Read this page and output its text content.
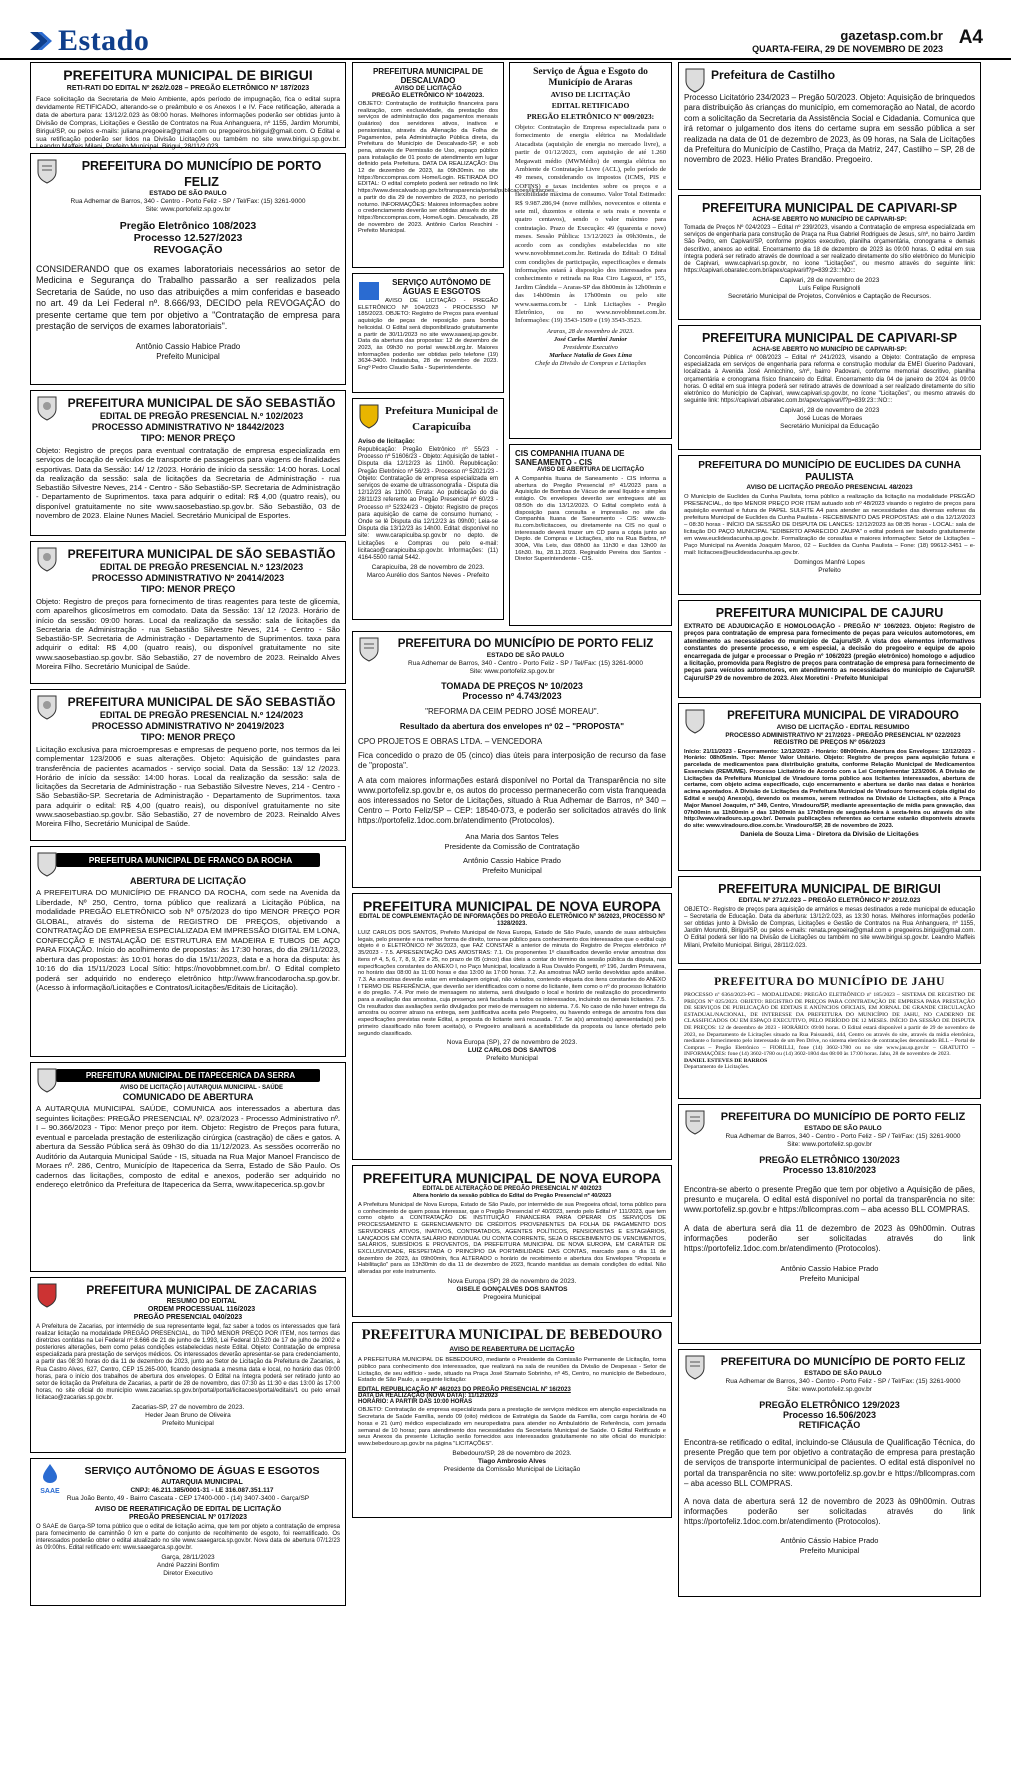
Estado	gazetasp.com.br
QUARTA-FEIRA, 29 DE NOVEMBRO DE 2023
A4
PREFEITURA MUNICIPAL DE BIRIGUI
RETI-RATI DO EDITAL Nº 262/2.028 – PREGÃO ELETRÔNICO Nº 187/2023

Face solicitação da Secretaria de Meio Ambiente, após período de impugnação, fica o edital supra devidamente RETIFICADO, alterando-se o preâmbulo e os Anexos I e IV. Face retificação, alterada a data de abertura para: 13/12/2.023 às 08:00 horas. Melhores informações poderão ser obtidas junto à Divisão de Compras, Licitações e Gestão de Contratos na Rua Anhanguera, nº 1155, Jardim Morumbi, Birigui/SP, ou pelos e-mails: juliana.pregoeira@gmail.com ou pregoeiros.birigui@gmail.com. O Edital e sua retificação poderão ser lidos na Divisão Licitações ou também no site www.birigui.sp.gov.br. Leandro Maffeis Milani, Prefeito Municipal. Birigui, 28/11/2.023.

PREFEITURA DO MUNICÍPIO DE PORTO FELIZ
ESTADO DE SÃO PAULO
Rua Adhemar de Barros, 340 - Centro - Porto Feliz - SP / Tel/Fax: (15) 3261-9000
Site: www.portofeliz.sp.gov.br
Pregão Eletrônico 108/2023
Processo 12.527/2023
REVOGAÇÃO

CONSIDERANDO que os exames laboratoriais necessários ao setor de Medicina e Segurança do Trabalho passarão a ser realizados pela Secretaria de Saúde, no uso das atribuições a mim conferidas e baseado no art. 49 da Lei Federal nº. 8.666/93, DECIDO pela REVOGAÇÃO do presente certame que tem por objetivo a "Contratação de empresa para prestação de serviços de exames laboratoriais".

Antônio Cassio Habice Prado
Prefeito Municipal
PREFEITURA MUNICIPAL DE SÃO SEBASTIÃO
EDITAL DE PREGÃO PRESENCIAL N.º 102/2023
PROCESSO ADMINISTRATIVO Nº 18442/2023
TIPO: MENOR PREÇO

Objeto: Registro de preços para eventual contratação de empresa especializada em serviços de locação de veículos de transporte de passageiros para viagens de finalidades esportivas. Data da Sessão: 14/ 12 /2023. Horário de início da sessão: 14:00 horas. Local da realização da sessão: sala de licitações da Secretaria de Administração - rua Sebastião Silvestre Neves, 214 - Centro - São Sebastião-SP. Secretaria de Administração - Departamento de Suprimentos. taxa para adquirir o edital: R$ 4,00 (quatro reais), ou disponível gratuitamente no site www.saosebastiao.sp.gov.br. São Sebastião, 03 de novembro de 2023. Elaine Nunes Maciel. Secretário Municipal de Esportes.

PREFEITURA MUNICIPAL DE SÃO SEBASTIÃO
EDITAL DE PREGÃO PRESENCIAL N.º 123/2023
PROCESSO ADMINISTRATIVO Nº 20414/2023
TIPO: MENOR PREÇO

Objeto: Registro de preços para fornecimento de tiras reagentes para teste de glicemia, com aparelhos glicosímetros em comodato. Data da Sessão: 13/ 12 /2023. Horário de início da sessão: 09:00 horas. Local da realização da sessão: sala de licitações da Secretaria de Administração - rua Sebastião Silvestre Neves, 214 - Centro - São Sebastião-SP. Secretaria de Administração - Departamento de Suprimentos. taxa para adquirir o edital: R$ 4,00 (quatro reais), ou disponível gratuitamente no site www.saosebastiao.sp.gov.br. São Sebastião, 27 de novembro de 2023. Reinaldo Alves Moreira Filho. Secretário Municipal de Saúde.

PREFEITURA MUNICIPAL DE SÃO SEBASTIÃO
EDITAL DE PREGÃO PRESENCIAL N.º 124/2023
PROCESSO ADMINISTRATIVO Nº 20419/2023
TIPO: MENOR PREÇO

Licitação exclusiva para microempresas e empresas de pequeno porte, nos termos da lei complementar 123/2006 e suas alterações. Objeto: Aquisição de guindastes para transferência de pacientes acamados - serviço social. Data da Sessão: 13/ 12 /2023. Horário de início da sessão: 14:00 horas. Local da realização da sessão: sala de licitações da Secretaria de Administração - rua Sebastião Silvestre Neves, 214 - Centro - São Sebastião-SP. Secretaria de Administração - Departamento de Suprimentos. taxa para adquirir o edital: R$ 4,00 (quatro reais), ou disponível gratuitamente no site www.saosebastiao.sp.gov.br. São Sebastião, 27 de novembro de 2023. Reinaldo Alves Moreira Filho, Secretário Municipal de Saúde.

PREFEITURA MUNICIPAL DE FRANCO DA ROCHA
ABERTURA DE LICITAÇÃO

A PREFEITURA DO MUNICÍPIO DE FRANCO DA ROCHA, com sede na Avenida da Liberdade, Nº 250, Centro, torna público que realizará a Licitação Pública, na modalidade PREGÃO ELETRÔNICO sob Nº 075/2023 do tipo MENOR PREÇO POR GLOBAL, através do sistema de REGISTRO DE PREÇOS, objetivando a CONTRATAÇÃO DE EMPRESA ESPECIALIZADA EM IMPRESSÃO DIGITAL EM LONA, CONFECÇÃO E INSTALAÇÃO DE ESTRUTURA EM MADEIRA E TUBOS DE AÇO PARA FIXAÇÃO. Início do acolhimento de propostas: às 17:30 horas, do dia 29/11/2023, abertura das propostas: às 10:01 horas do dia 15/11/2023, data e a hora da disputa: às 10:16 do dia 15/11/2023 Local Sítio: https://novobbmnet.com.br/. O Edital completo poderá ser adquirido no endereço eletrônico http://www.francodarocha.sp.gov.br. (Acesso à informação/Licitações e Contratos/Licitações/Editais de Licitação).

PREFEITURA MUNICIPAL DE ITAPECERICA DA SERRA
AVISO DE LICITAÇÃO | AUTARQUIA MUNICIPAL - SAÚDE
COMUNICADO DE ABERTURA

A AUTARQUIA MUNICIPAL SAÚDE, COMUNICA aos interessados a abertura das seguintes licitações: PREGÃO PRESENCIAL Nº. 023/2023 - Processo Administrativo nº. I – 90.366/2023 - Tipo: Menor preço por item. Objeto: Registro de Preços para futura, eventual e parcelada prestação de esterilização cirúrgica (castração) de cães e gatos. A abertura da Sessão Pública será às 09h30 do dia 11/12/2023. As sessões ocorrerão no Auditório da Autarquia Municipal Saúde - IS, situada na Rua Major Manoel Francisco de Moraes nº. 286, Centro, Município de Itapecerica da Serra, Estado de São Paulo. Os cadernos das licitações, composto de edital e anexos, poderão ser adquirido no endereço eletrônico da Prefeitura de Itapecerica da Serra, www.itapecerica.sp.gov.br

PREFEITURA MUNICIPAL DE ZACARIAS
RESUMO DO EDITAL
ORDEM PROCESSUAL 116/2023
PREGÃO PRESENCIAL 040/2023

A Prefeitura de Zacarias, por intermédio de sua representante legal, faz saber a todos os interessados que fará realizar licitação na modalidade PREGÃO PRESENCIAL, do TIPO MENOR PREÇO POR ITEM, nos termos das diretrizes contidas na Lei Federal nº 8.666 de 21 de junho de 1.993, Lei Federal 10.520 de 17 de julho de 2002 e posteriores alterações, bem como pelas condições estabelecidas neste Edital. Objeto: Contratação de empresa especializada para prestação de serviços médicos. Os interessados deverão apresentar-se para credenciamento, a partir das 08:30 horas do dia 11 de dezembro de 2023, junto ao Setor de Licitação da Prefeitura de Zacarias, à Rua Castro Alves, 627, Centro, CEP 15.265-000, ficando designada a mesma data e local, no horário das 09:00 horas, para o início dos trabalhos de abertura dos envelopes. O Edital na íntegra poderá ser retirado junto ao setor de licitação da Prefeitura de Zacarias, a partir de 28 de novembro, das 07:30 às 11:30 e das 13:00 às 17:00 horas, no site oficial do município www.zacarias.sp.gov.br/portal/portal/licitacoes/portal/editais/1 ou pelo email licitacao@zacarias.sp.gov.br.

Zacarias-SP, 27 de novembro de 2023.
Heder Jean Bruno de Oliveira
Prefeito Municipal
SAAE
SERVIÇO AUTÔNOMO DE ÁGUAS E ESGOTOS
AUTARQUIA MUNICIPAL
CNPJ: 46.211.385/0001-31 - I.E 316.087.351.117
Rua João Bento, 49 - Bairro Cascata - CEP 17400-000 - (14) 3407-3400 - Garça/SP
AVISO DE REERATIFICAÇÃO DE EDITAL DE LICITAÇÃO
PREGÃO PRESENCIAL Nº 017/2023

O SAAE de Garça-SP torna público que o edital de licitação acima, que tem por objeto a contratação de empresa para fornecimento de caminhão 0 km e parte do conjunto de recolhimento de esgoto, foi reerratificado. Os interessados poderão obter o edital atualizado no site www.saaegarca.sp.gov.br. Nova data de abertura 07/12/23 às 09:00hs. Edital retificado em: www.saaegarca.sp.gov.br.

Garça, 28/11/2023
André Pazzini Bonfim
Diretor Executivo
PREFEITURA MUNICIPAL DE DESCALVADO
AVISO DE LICITAÇÃO
PREGÃO ELETRÔNICO Nº 104/2023.

OBJETO: Contratação de instituição financeira para realização, com exclusividade, da prestação dos serviços de administração dos pagamentos mensais (salários) dos servidores ativos, inativos e pensionistas, através da Alienação da Folha de Pagamentos, pela Administração Pública direta, da Prefeitura do Município de Descalvado-SP, e sob pena, através de Permissão de Uso, espaço público para instalação de 01 posto de atendimento em lugar definido pela Prefeitura. DATA DA REALIZAÇÃO: Dia 12 de dezembro de 2023, às 09h30min. no site https://bnccompras.com Home/Login. RETIRADA DO EDITAL: O edital completo poderá ser retirado no link https://www.descalvado.sp.gov.br/transparencia/portal/publicacoes/licitacoes, a partir do dia 29 de novembro de 2023, no período noturno. INFORMAÇÕES: Maiores informações sobre o credenciamento deverão ser obtidas através do site https://bnccompras.com, Home/Login. Descalvado, 28 de novembro de 2023. Antônio Carlos Reschini - Prefeito Municipal.

SERVIÇO AUTÔNOMO DE ÁGUAS E ESGOTOS

AVISO DE LICITAÇÃO - PREGÃO ELETRÔNICO Nº 104/2023 - PROCESSO Nº 185/2023. OBJETO: Registro de Preços para eventual aquisição de peças de reposição para bomba helicoidal. O Edital será disponibilizado gratuitamente a partir de 30/11/2023 no site www.saaesj.sp.gov.br. Data da abertura das propostas: 12 de dezembro de 2023, às 09h30 no portal www.bll.org.br. Maiores informações poderão ser obtidas pelo telefone (19) 3634-3400. Indaiatuba, 28 de novembro de 2023. Engº Pedro Claudio Salla - Superintendente.

Prefeitura Municipal de Carapicuíba
Aviso de licitação:

Republicação: Pregão Eletrônico nº 55/23 - Processo nº 51606/23 - Objeto: Aquisição de tablet - Disputa dia 12/12/23 às 11h00. Republicação: Pregão Eletrônico nº 56/23 - Processo nº 52021/23 - Objeto: Contratação de empresa especializada em serviços de exame de ultrassonografia - Disputa dia 12/12/23 às 11h00. Errata: Ao publicação do dia 28/11/23 referente ao Pregão Presencial nº 60/23 - Processo nº 52324/23 - Objeto: Registro de preços para aquisição de carne de consumo humano; - Onde se lê Disputa dia 12/12/23 às 09h00; Leia-se Disputa dia 13/12/23 às 14h00. Edital: disponível no site: www.carapicuiba.sp.gov.br no depto. de Licitações e Compras ou pelo e-mail: licitacao@carapicuiba.sp.gov.br. Informações: (11) 4164-5500 ramal 5442.

Carapicuíba, 28 de novembro de 2023.
Marco Aurélio dos Santos Neves - Prefeito
Serviço de Água e Esgoto do Município de Araras
AVISO DE LICITAÇÃO
EDITAL RETIFICADO
PREGÃO ELETRÔNICO Nº 009/2023:

Objeto: Contratação de Empresa especializada para o fornecimento de energia elétrica na Modalidade Atacadista (aquisição de energia no mercado livre), a partir de 01/12/2023, com aquisição de até 1.260 Megawatt médio (MWMédio) de energia elétrica no Ambiente de Contratação Livre (ACL), pelo período de 49 meses, considerando os impostos (ICMS, PIS e COFINS) e taxas incidentes sobre os preços e a flexibilidade máxima de consumo. Valor Total Estimado: R$ 9.987.286,94 (nove milhões, novecentos e oitenta e sete mil, duzentos e oitenta e seis reais e noventa e quatro centavos), sendo o valor máximo para contratação. Prazo de Execução: 49 (quarenta e nove) meses. Sessão Pública: 13/12/2023 às 09h30min., de acordo com as condições estabelecidas no site www.novobbmnet.com.br. Retirada do Edital: O Edital com condições de participação, especificações e demais informações estará à disposição dos interessados para conhecimento e retirada na Rua Ciro Lagazzi, nº 155, Jardim Cândida – Araras-SP das 8h00min às 12h00min e das 14h00min às 17h00min ou pelo site www.saema.com.br - Link Licitações - Pregão Eletrônico, ou no www.novobbmnet.com.br. Informações: (19) 3543-1509 e (19) 3543-3523.

Araras, 28 de novembro de 2023.
José Carlos Martini Junior
Presidente Executivo
Marluce Natalia de Goes Lima
Chefe da Divisão de Compras e Licitações
CIS COMPANHIA ITUANA DE SANEAMENTO - CIS
AVISO DE ABERTURA DE LICITAÇÃO

A Companhia Ituana de Saneamento - CIS informa a abertura do Pregão Presencial nº 41/2023 para a Aquisição de Bombas de Vácuo de areal líquido e simples estágio. Os envelopes deverão ser entregues até as 08:50h do dia 13/12/2023. O Edital completo está à disposição para consulta e impressão no site da Companhia Ituana de Saneamento - CIS: www.cis-itu.com.br/licitacoes, ou diretamente na CIS no qual o interessado deverá trazer um CD para a cópia junto ao Depto. de Compras e Licitações, sito na Rua Barbra, nº 300A, Vila Leis, das 08h00 às 11h30 e das 13h00 às 16h30. Itu, 28.11.2023. Reginaldo Pereira dos Santos - Diretor Superintendente - CIS.

PREFEITURA DO MUNICÍPIO DE PORTO FELIZ
ESTADO DE SÃO PAULO
Rua Adhemar de Barros, 340 - Centro - Porto Feliz - SP / Tel/Fax: (15) 3261-9000
Site: www.portofeliz.sp.gov.br
TOMADA DE PREÇOS Nº 10/2023
Processo nº 4.743/2023
"REFORMA DA CEIM PEDRO JOSÉ MOREAU".
Resultado da abertura dos envelopes nº 02 – "PROPOSTA"
CPO PROJETOS E OBRAS LTDA. – VENCEDORA

Fica concedido o prazo de 05 (cinco) dias úteis para interposição de recurso da fase de "proposta".

A ata com maiores informações estará disponível no Portal da Transparência no site www.portofeliz.sp.gov.br e, os autos do processo permanecerão com vista franqueada aos interessados no Setor de Licitações, situado à Rua Adhemar de Barros, nº 340 – Centro – Porto Feliz/SP – CEP: 18540-073, e poderão ser solicitados através do link https://portofeliz.1doc.com.br/atendimento (Protocolos).

Ana Maria dos Santos Teles
Presidente da Comissão de Contratação
Antônio Cassio Habice Prado
Prefeito Municipal
PREFEITURA MUNICIPAL DE NOVA EUROPA
EDITAL DE COMPLEMENTAÇÃO DE INFORMAÇÕES DO PREGÃO ELETRÔNICO Nº 36/2023, PROCESSO Nº 1328/2023.

LUIZ CARLOS DOS SANTOS, Prefeito Municipal de Nova Europa, Estado de São Paulo, usando de suas atribuições legais, pelo presente e na melhor forma de direito, torna-se público para conhecimento dos interessados que o edital cujo objeto é o ELETRÔNICO Nº 36/2023, que FAZ CONSTAR a anterior de minuta do Registro de Preços eletrônico nº 35/2023 - 7.5. APRESENTAÇÃO DAS AMOSTRAS: 7.1. Os proponentes 1º classificados deverão enviar amostras dos itens nº 4, 5, 6, 7, 8, 9, 22 e 25, no prazo de 05 (cinco) dias úteis a contar do término da sessão pública da disputa, nas especificações constantes do ANEXO I, no Paço Municipal, localizado à Rua Osvaldo Pongetti, nº 196, Jardim Primavera, no horário das 08:00 às 11:00 horas e das 13:00 às 17:00 horas. 7.2. As amostras NÃO serão devolvidas após análise. 7.3. As amostras deverão estar em embalagem original, não violados, contendo etiqueta dos itens constantes do ANEXO I TERMO DE REFERÊNCIA, que deverão ser identificados com o nome do licitante, item como o nº do processo licitatório e do pregão. 7.4. Por meio de mensagem no sistema, será divulgado o local e horário de realização do procedimento para a avaliação das amostras, cuja presença será facultada a todos os interessados, incluindo os demais licitantes. 7.5. Os resultados das avaliações serão divulgados por meio de mensagem no sistema. 7.6. No caso de não haver entrega da amostra ou ocorrer atraso na entrega, sem justificativa aceita pelo Pregoeiro, ou havendo entrega de amostra fora das especificações previstas neste Edital, a proposta do licitante será recusada. 7.7. Se a(s) amostra(s) apresentada(s) pelo primeiro classificado não forem aceita(s), o Pregoeiro analisará a aceitabilidade da proposta ou lance ofertado pelo segundo classificado.

Nova Europa (SP), 27 de novembro de 2023.
LUIZ CARLOS DOS SANTOS
Prefeito Municipal
PREFEITURA MUNICIPAL DE NOVA EUROPA
EDITAL DE ALTERAÇÃO DE PREGÃO PRESENCIAL Nº 40/2023
Altera horário da sessão pública do Edital do Pregão Presencial nº 40/2023

A Prefeitura Municipal de Nova Europa, Estado de São Paulo, por intermédio de sua Pregoeira oficial, torna público para o conhecimento de quem possa interessar, que o Pregão Presencial nº 40/2023, sendo pelo Edital nº 111/2023, que tem como objeto a CONTRATAÇÃO DE INSTITUIÇÃO FINANCEIRA PARA OPERAR OS SERVIÇOS DE PROCESSAMENTO E GERENCIAMENTO DE CRÉDITOS PROVENIENTES DA FOLHA DE PAGAMENTO DOS SERVIDORES ATIVOS, INATIVOS, CONTRATADOS, AGENTES POLÍTICOS, PENSIONISTAS E ESTAGIÁRIOS, LANÇADOS EM CONTA SALÁRIO INDIVIDUAL OU CONTA CORRENTE, SEJA O RECEBIMENTO DE VENCIMENTOS, SALÁRIOS, SUBSÍDIOS E PROVENTOS, DA PREFEITURA MUNICIPAL DE NOVA EUROPA, EM CARÁTER DE EXCLUSIVIDADE, RESPEITADA O PRINCÍPIO DA PORTABILIDADE DAS CONTAS, marcado para o dia 11 de dezembro de 2023, às 09h00min, fica ALTERADO o horário de recebimento e abertura dos Envelopes "Proposta e Habilitação" para as 13h30min do dia 11 de dezembro de 2023, ficando mantidas as demais condições do edital. Não alteradas por este instrumento.

Nova Europa (SP) 28 de novembro de 2023.
GISELE GONÇALVES DOS SANTOS
Pregoeira Municipal
PREFEITURA MUNICIPAL DE BEBEDOURO
AVISO DE REABERTURA DE LICITAÇÃO

A PREFEITURA MUNICIPAL DE BEBEDOURO, mediante o Presidente da Comissão Permanente de Licitação, torna público para conhecimento dos interessados, que realizará na sala de reuniões da Divisão de Despesas - Setor de Licitação, de seu edifício - sede, situado na Praça José Stamato Sobrinho, nº 45, Centro, no município de Bebedouro, Estado de São Paulo, a seguinte licitação:

EDITAL REPUBLICAÇÃO Nº 46/2023 DO PREGÃO PRESENCIAL Nº 16/2023
DATA DA REALIZAÇÃO (NOVA DATA): 11/12/2023
HORÁRIO: A PARTIR DAS 10:00 HORAS

OBJETO: Contratação de empresa especializada para a prestação de serviços médicos em atenção especializada na Secretaria de Saúde Família, sendo 09 (oito) médicos de Estratégia da Saúde da Família, com carga horária de 40 horas e 21 (um) médico especializado em neuropediatra para atender no Ambulatório de Referência, com jornada semanal de 10 horas; para atendimento dos necessidades da Secretaria Municipal de Saúde. O Edital Retificado e seus Anexos da presente Licitação serão fornecidos aos interessados gratuitamente no site oficial do município: www.bebedouro.sp.gov.br na página "LICITAÇÕES".

Bebedouro/SP, 28 de novembro de 2023.
Tiago Ambrosio Alves
Presidente da Comissão Municipal de Licitação
Prefeitura de Castilho

Processo Licitatório 234/2023 – Pregão 50/2023. Objeto: Aquisição de brinquedos para distribuição às crianças do município, em comemoração ao Natal, de acordo com a solicitação da Secretaria da Assistência Social e Cidadania. Comunica que irá retomar o julgamento dos itens do certame supra em sessão pública a ser realizada na data de 01 de dezembro de 2023, às 09 horas, na Sala de Licitações da Prefeitura do Município de Castilho, Praça da Matriz, 247, Castilho – SP, 28 de novembro de 2023. Hélio Prates Brandão. Pregoeiro.

PREFEITURA MUNICIPAL DE CAPIVARI-SP
ACHA-SE ABERTO NO MUNICÍPIO DE CAPIVARI-SP:

Tomada de Preços Nº 024/2023 – Edital nº 239/2023, visando a Contratação de empresa especializada em serviços de engenharia para construção de Praça na Rua Gabriel Rodrigues de Jesus, s/nº, no bairro Jardim São Pedro, em Capivari/SP, conforme projetos executivo, planilha orçamentária, cronograma e demais descritivo, anexos ao edital. Encerramento dia 18 de dezembro de 2023 às 09:00 horas. O edital em sua íntegra poderá ser retirado através de download a ser realizado diretamente do sítio eletrônico do Município de Capivari, www.capivari.sp.gov.br, no ícone "Licitações", ou mesmo através do seguinte link: https://capivari.obaratec.com.br/apex/capivari/f?p=839:23:::NO:::

Capivari, 28 de novembro de 2023
Luís Felipe Rusignolli
Secretário Municipal de Projetos, Convênios e Captação de Recursos.
PREFEITURA MUNICIPAL DE CAPIVARI-SP
ACHA-SE ABERTO NO MUNICÍPIO DE CAPIVARI-SP:

Concorrência Pública nº 008/2023 – Edital nº 241/2023, visando a Objeto: Contratação de empresa especializada em serviços de engenharia para reforma e construção modular da EMEI Guerino Padovani, localizada à Avenida José Annicchino, s/nº, bairro Padovani, conforme memorial descritivo, planilha orçamentária e cronograma físico financeiro do Edital. Encerramento dia 04 de janeiro de 2024 às 09:00 horas. O edital em sua íntegra poderá ser retirado através de download a ser realizado diretamente do sítio eletrônico do Município de Capivari, www.capivari.sp.gov.br, no ícone "Licitações", ou mesmo através do seguinte link: https://capivari.obaratec.com.br/apex/capivari/f?p=839:23:::NO:::

Capivari, 28 de novembro de 2023
José Lucas de Moraes
Secretário Municipal da Educação
PREFEITURA DO MUNICÍPIO DE EUCLIDES DA CUNHA PAULISTA
AVISO DE LICITAÇÃO PREGÃO PRESENCIAL 48/2023

O Município de Euclides da Cunha Paulista, torna público a realização da licitação na modalidade PREGÃO PRESENCIAL, do tipo MENOR PREÇO POR ITEM autuado sob nº 48/2023 visando o registro de preços para aquisição eventual e futura de PAPEL SULFITE A4 para atender as necessidades das diversas esferas da prefeitura Municipal de Euclides da Cunha Paulista - RECEBIMENTO DAS PROPOSTAS: até o dia 12/12/2023 – 08:30 horas - INÍCIO DA SESSÃO DE DISPUTA DE LANCES: 12/12/2023 às 08:35 horas - LOCAL: sala de licitação DO PAÇO MUNICIPAL "EDIBERTO APARECIDO ZAUPA" o edital poderá ser baixado gratuitamente em www.euclidesdacunha.sp.gov.br. Formalização de consultas e maiores informações: Setor de Licitações – Paço Municipal na Avenida Joaquim Maroo, 02 – Euclides da Cunha Paulista – Fone: (18) 99612-3451 – e-mail: licitacoes@euclidesdacunha.sp.gov.br.

Domingos Manfré Lopes
Prefeito
PREFEITURA MUNICIPAL DE CAJURU

EXTRATO DE ADJUDICAÇÃO E HOMOLOGAÇÃO - PREGÃO Nº 106/2023. Objeto: Registro de preços para contratação de empresa para fornecimento de peças para veículos automotores, em atendimento as necessidades do município de Cajuru/SP. A vista dos elementos informativos constantes do presente processo, e em especial, a decisão do pregoeiro e equipe de apoio encarregada de julgar e processar o Pregão nº 106/2023 (pregão eletrônico) homologo e adjudico a licitação, promovida para Registro de preços para contratação de empresa para fornecimento de peças para veículos automotores, em atendimento as necessidades do município de Cajuru/SP. Cajuru/SP 29 de novembro de 2023. Alex Moretini - Prefeito Municipal

PREFEITURA MUNICIPAL DE VIRADOURO
AVISO DE LICITAÇÃO - EDITAL RESUMIDO
PROCESSO ADMINISTRATIVO Nº 217/2023 - PREGÃO PRESENCIAL Nº 022/2023
REGISTRO DE PREÇOS Nº 056/2023

Início: 21/11/2023 - Encerramento: 12/12/2023 - Horário: 08h00min. Abertura dos Envelopes: 12/12/2023 - Horário: 08h05min. Tipo: Menor Valor Unitário. Objeto: Registro de preços para aquisição futura e parcelada de medicamentos para distribuição gratuita, conforme Relação Municipal de Medicamentos Essenciais (REMUME). Processo Licitatório de Acordo com a Lei Complementar 123/2006. A Divisão de Licitações da Prefeitura Municipal de Viradouro torna público aos licitantes interessados, abertura de certame, com objeto acima especificado, cujo encerramento e abertura se darão nas datas e horários acima apontados. A Divisão de Licitações da Prefeitura Municipal de Viradouro fornecerá cópia digital do Edital e seu(s) Anexo(s), devendo os mesmos, serem retirados na Divisão de Licitações, sito à Praça Major Manoel Joaquim, nº 349, Centro, Viradouro/SP, mediante apresentação de mídia para gravação, das 07h00min as 11h00min e das 13h00min às 17h00min de segunda-feira à sexta-feira ou através do site http://www.viradouro.sp.gov.br/. Demais publicações referentes ao certame estarão disponíveis através do site: www.viradouro.dioe.com.br. Viradouro/SP, 28 de novembro de 2023.

Daniela de Souza Lima - Diretora da Divisão de Licitações
PREFEITURA MUNICIPAL DE BIRIGUI
EDITAL Nº 271/2.023 – PREGÃO ELETRÔNICO Nº 201/2.023

OBJETO:- Registro de preços para aquisição de armários e mesas destinados a rede municipal de educação – Secretaria de Educação. Data da abertura: 13/12/2.023, as 13:30 horas. Melhores informações poderão ser obtidas junto à Divisão de Compras, Licitações e Gestão de Contratos na Rua Anhanguera, nº 1155, Jardim Morumbi, Birigui/SP, ou pelos e-mails: renata.pregoeira@gmail.com e pregoeiros.birigui@gmail.com. O Edital poderá ser lido na Divisão de Licitações ou também no site www.birigui.sp.gov.br. Leandro Maffeis Milani, Prefeito Municipal. Birigui, 28/11/2.023.

PREFEITURA DO MUNICÍPIO DE JAHU

PROCESSO nº 6364/2023-PG – MODALIDADE: PREGÃO ELETRÔNICO nº 185/2023 – SISTEMA DE REGISTRO DE PREÇOS Nº 025/2023. OBJETO: REGISTRO DE PREÇOS PARA CONTRATAÇÃO DE EMPRESA PARA PRESTAÇÃO DE SERVIÇOS DE PUBLICAÇÃO DE EDITAIS E ANÚNCIOS OFICIAIS, EM JORNAL DE GRANDE CIRCULAÇÃO ESTADUAL/NACIONAL, DE INTERESSE DA PREFEITURA DO MUNICÍPIO DE JAHU, NO CADERNO DE CLASSIFICADOS OU EM ESPAÇO EXECUTIVO, PELO PERÍODO DE 12 MESES. INÍCIO DA SESSÃO DE DISPUTA DE PREÇOS: 12 de dezembro de 2023 - HORÁRIO: 09:00 horas. O Edital estará disponível a partir de 29 de novembro de 2023, no Departamento de Licitações situado na Rua Paissandú, 444, Centro ou através do site, através da mídia eletrônica, mediante o fornecimento pelo interessado de um Pen Drive, no sistema eletrônico de contratações denominado BLL – Portal de Compras – Pregão Eletrônico – FIORILLI, fone (14) 3602-1780 ou no site www.jau.sp.gov.br – GRATUITO – INFORMAÇÕES: fone (14) 3602-1780 ou (14) 3602-1804 das 08:00 às 17:00 horas. Jahu, 28 de novembro de 2023.

DANIEL ESTEVES DE BARROS
Departamento de Licitações.
PREFEITURA DO MUNICÍPIO DE PORTO FELIZ
ESTADO DE SÃO PAULO
Rua Adhemar de Barros, 340 - Centro - Porto Feliz - SP / Tel/Fax: (15) 3261-9000
Site: www.portofeliz.sp.gov.br
PREGÃO ELETRÔNICO 130/2023
Processo 13.810/2023

Encontra-se aberto o presente Pregão que tem por objetivo a Aquisição de pães, presunto e muçarela. O edital está disponível no portal da transparência no site: www.portofeliz.sp.gov.br e https://bllcompras.com – aba acesso BLL COMPRAS.

A data de abertura será dia 11 de dezembro de 2023 às 09h00min. Outras informações poderão ser solicitadas através do link https://portofeliz.1doc.com.br/atendimento (Protocolos).

Antônio Cassio Habice Prado
Prefeito Municipal
PREFEITURA DO MUNICÍPIO DE PORTO FELIZ
ESTADO DE SÃO PAULO
Rua Adhemar de Barros, 340 - Centro - Porto Feliz - SP / Tel/Fax: (15) 3261-9000
Site: www.portofeliz.sp.gov.br
PREGÃO ELETRÔNICO 129/2023
Processo 16.506/2023
RETIFICAÇÃO

Encontra-se retificado o edital, incluindo-se Cláusula de Qualificação Técnica, do presente Pregão que tem por objetivo a contratação de empresa para prestação de serviços de transporte intermunicipal de pacientes. O edital está disponível no portal da transparência no site: www.portofeliz.sp.gov.br e https://bllcompras.com – aba acesso BLL COMPRAS.

A nova data de abertura será 12 de novembro de 2023 às 09h00min. Outras informações poderão ser solicitadas através do link https://portofeliz.1doc.com.br/atendimento (Protocolos).

Antônio Cássio Habice Prado
Prefeito Municipal
